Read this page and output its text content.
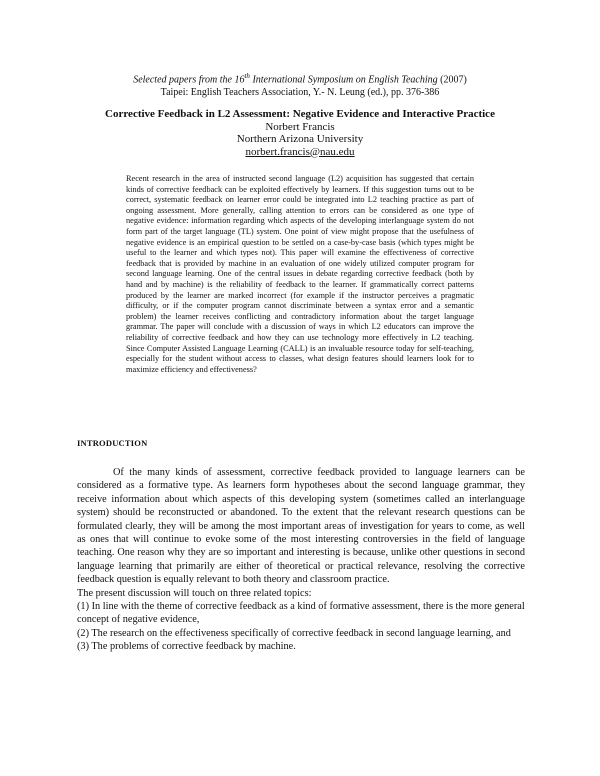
Selected papers from the 16th International Symposium on English Teaching (2007)
Taipei: English Teachers Association, Y.- N. Leung (ed.), pp. 376-386
Corrective Feedback in L2 Assessment: Negative Evidence and Interactive Practice
Norbert Francis
Northern Arizona University
norbert.francis@nau.edu
Recent research in the area of instructed second language (L2) acquisition has suggested that certain kinds of corrective feedback can be exploited effectively by learners. If this suggestion turns out to be correct, systematic feedback on learner error could be integrated into L2 teaching practice as part of ongoing assessment. More generally, calling attention to errors can be considered as one type of negative evidence: information regarding which aspects of the developing interlanguage system do not form part of the target language (TL) system. One point of view might propose that the usefulness of negative evidence is an empirical question to be settled on a case-by-case basis (which types might be useful to the learner and which types not). This paper will examine the effectiveness of corrective feedback that is provided by machine in an evaluation of one widely utilized computer program for second language learning. One of the central issues in debate regarding corrective feedback (both by hand and by machine) is the reliability of feedback to the learner. If grammatically correct patterns produced by the learner are marked incorrect (for example if the instructor perceives a pragmatic difficulty, or if the computer program cannot discriminate between a syntax error and a semantic problem) the learner receives conflicting and contradictory information about the target language grammar. The paper will conclude with a discussion of ways in which L2 educators can improve the reliability of corrective feedback and how they can use technology more effectively in L2 teaching. Since Computer Assisted Language Learning (CALL) is an invaluable resource today for self-teaching, especially for the student without access to classes, what design features should learners look for to maximize efficiency and effectiveness?
INTRODUCTION

Of the many kinds of assessment, corrective feedback provided to language learners can be considered as a formative type. As learners form hypotheses about the second language grammar, they receive information about which aspects of this developing system (sometimes called an interlanguage system) should be reconstructed or abandoned. To the extent that the relevant research questions can be formulated clearly, they will be among the most important areas of investigation for years to come, as well as ones that will continue to evoke some of the most interesting controversies in the field of language teaching. One reason why they are so important and interesting is because, unlike other questions in second language learning that primarily are either of theoretical or practical relevance, resolving the corrective feedback question is equally relevant to both theory and classroom practice.

The present discussion will touch on three related topics:

(1) In line with the theme of corrective feedback as a kind of formative assessment, there is the more general concept of negative evidence,

(2) The research on the effectiveness specifically of corrective feedback in second language learning, and

(3) The problems of corrective feedback by machine.
